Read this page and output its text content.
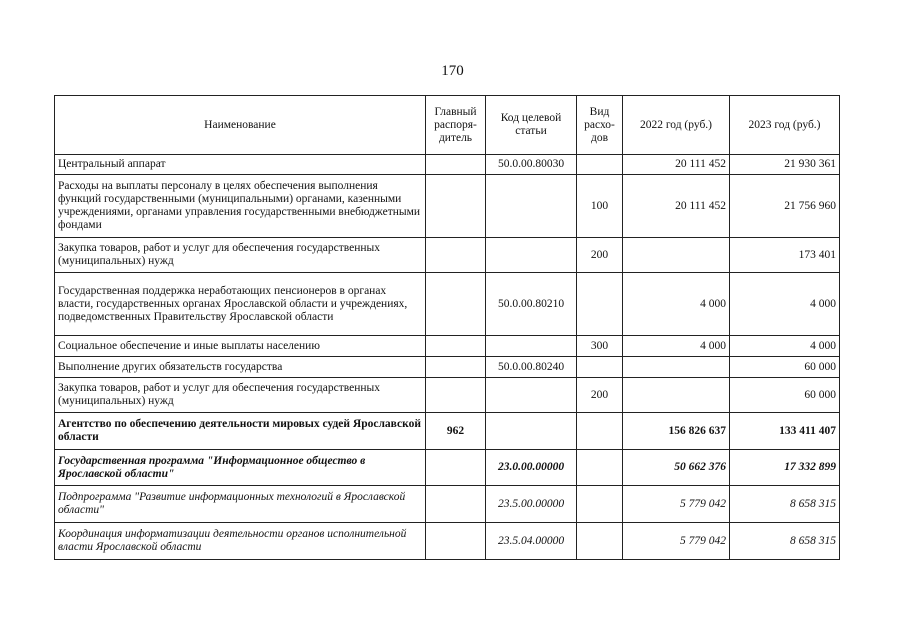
170
Наименование	Главный распоря-дитель	Код целевой статьи	Вид расхо-дов	2022 год (руб.)	2023 год (руб.)
Центральный аппарат		50.0.00.80030		20 111 452	21 930 361
Расходы на выплаты персоналу в целях обеспечения выполнения функций государственными (муниципальными) органами, казенными учреждениями, органами управления государственными внебюджетными фондами			100	20 111 452	21 756 960
Закупка товаров, работ и услуг для обеспечения государственных (муниципальных) нужд			200		173 401
Государственная поддержка неработающих пенсионеров в органах власти, государственных органах Ярославской области и учреждениях, подведомственных Правительству Ярославской области		50.0.00.80210		4 000	4 000
Социальное обеспечение и иные выплаты населению			300	4 000	4 000
Выполнение других обязательств государства		50.0.00.80240			60 000
Закупка товаров, работ и услуг для обеспечения государственных (муниципальных) нужд			200		60 000
Агентство по обеспечению деятельности мировых судей Ярославской области	962			156 826 637	133 411 407
Государственная программа "Информационное общество в Ярославской области"		23.0.00.00000		50 662 376	17 332 899
Подпрограмма "Развитие информационных технологий в Ярославской области"		23.5.00.00000		5 779 042	8 658 315
Координация информатизации деятельности органов исполнительной власти Ярославской области		23.5.04.00000		5 779 042	8 658 315
